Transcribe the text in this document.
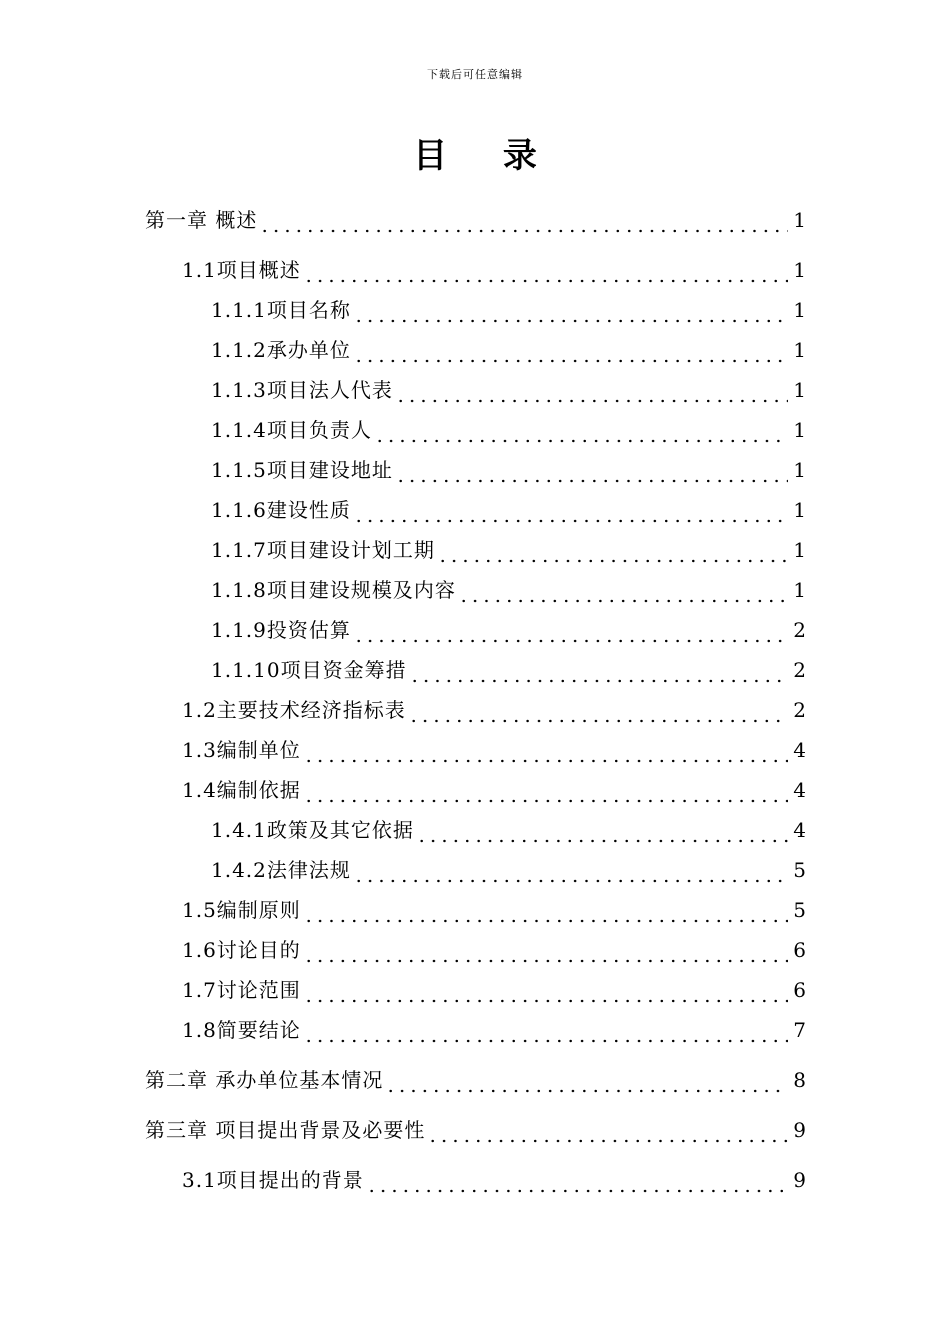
下载后可任意编辑
目 录
第一章 概述	1
1.1项目概述	1
1.1.1项目名称	1
1.1.2承办单位	1
1.1.3项目法人代表	1
1.1.4项目负责人	1
1.1.5项目建设地址	1
1.1.6建设性质	1
1.1.7项目建设计划工期	1
1.1.8项目建设规模及内容	1
1.1.9投资估算	2
1.1.10项目资金筹措	2
1.2主要技术经济指标表	2
1.3编制单位	4
1.4编制依据	4
1.4.1政策及其它依据	4
1.4.2法律法规	5
1.5编制原则	5
1.6讨论目的	6
1.7讨论范围	6
1.8简要结论	7
第二章 承办单位基本情况	8
第三章 项目提出背景及必要性	9
3.1项目提出的背景	9
